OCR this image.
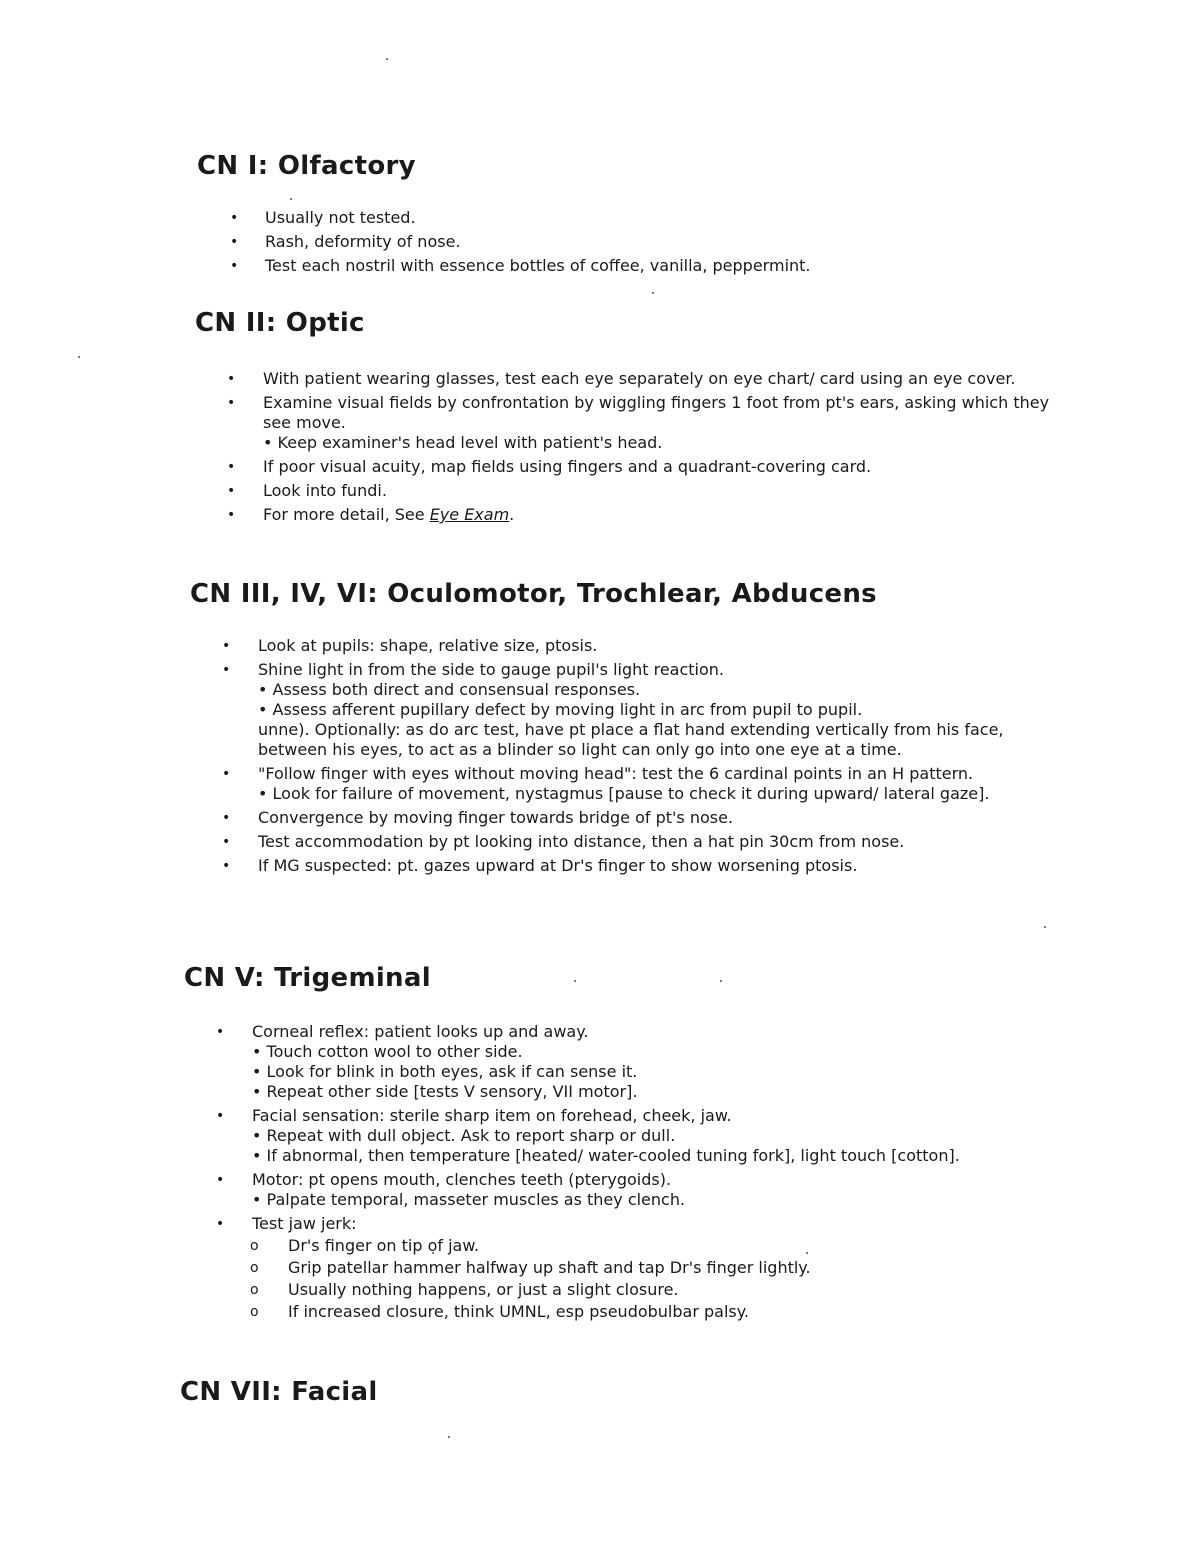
CN I: Olfactory
• Usually not tested.
• Rash, deformity of nose.
• Test each nostril with essence bottles of coffee, vanilla, peppermint.
CN II: Optic
• With patient wearing glasses, test each eye separately on eye chart/ card using an eye cover.
• Examine visual fields by confrontation by wiggling fingers 1 foot from pt's ears, asking which they see move.
• Keep examiner's head level with patient's head.
• If poor visual acuity, map fields using fingers and a quadrant-covering card.
• Look into fundi.
• For more detail, See Eye Exam.
CN III, IV, VI: Oculomotor, Trochlear, Abducens
• Look at pupils: shape, relative size, ptosis.
• Shine light in from the side to gauge pupil's light reaction.
• Assess both direct and consensual responses.
• Assess afferent pupillary defect by moving light in arc from pupil to pupil.
unne). Optionally: as do arc test, have pt place a flat hand extending vertically from his face, between his eyes, to act as a blinder so light can only go into one eye at a time.
• "Follow finger with eyes without moving head": test the 6 cardinal points in an H pattern.
• Look for failure of movement, nystagmus [pause to check it during upward/ lateral gaze].
• Convergence by moving finger towards bridge of pt's nose.
• Test accommodation by pt looking into distance, then a hat pin 30cm from nose.
• If MG suspected: pt. gazes upward at Dr's finger to show worsening ptosis.
CN V: Trigeminal
• Corneal reflex: patient looks up and away.
• Touch cotton wool to other side.
• Look for blink in both eyes, ask if can sense it.
• Repeat other side [tests V sensory, VII motor].
• Facial sensation: sterile sharp item on forehead, cheek, jaw.
• Repeat with dull object. Ask to report sharp or dull.
• If abnormal, then temperature [heated/ water-cooled tuning fork], light touch [cotton].
• Motor: pt opens mouth, clenches teeth (pterygoids).
• Palpate temporal, masseter muscles as they clench.
• Test jaw jerk:
o Dr's finger on tip of jaw.
o Grip patellar hammer halfway up shaft and tap Dr's finger lightly.
o Usually nothing happens, or just a slight closure.
o If increased closure, think UMNL, esp pseudobulbar palsy.
CN VII: Facial
